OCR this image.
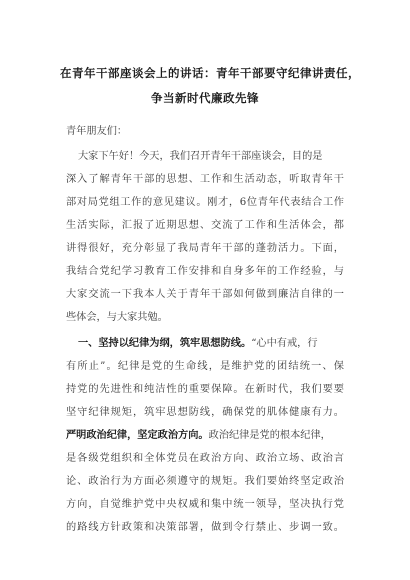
在青年干部座谈会上的讲话：青年干部要守纪律讲责任，
争当新时代廉政先锋
青年朋友们：
大家下午好！今天，我们召开青年干部座谈会，目的是
深入了解青年干部的思想、工作和生活动态，听取青年干
部对局党组工作的意见建议。刚才，6位青年代表结合工作
生活实际，汇报了近期思想、交流了工作和生活体会，都
讲得很好，充分彰显了我局青年干部的蓬勃活力。下面，
我结合党纪学习教育工作安排和自身多年的工作经验，与
大家交流一下我本人关于青年干部如何做到廉洁自律的一
些体会，与大家共勉。
一、坚持以纪律为纲，筑牢思想防线。“心中有戒，行
有所止”。纪律是党的生命线，是维护党的团结统一、保
持党的先进性和纯洁性的重要保障。在新时代，我们要要
坚守纪律规矩，筑牢思想防线，确保党的肌体健康有力。
严明政治纪律，坚定政治方向。政治纪律是党的根本纪律，
是各级党组织和全体党员在政治方向、政治立场、政治言
论、政治行为方面必须遵守的规矩。我们要始终坚定政治
方向，自觉维护党中央权威和集中统一领导，坚决执行党
的路线方针政策和决策部署，做到令行禁止、步调一致。
